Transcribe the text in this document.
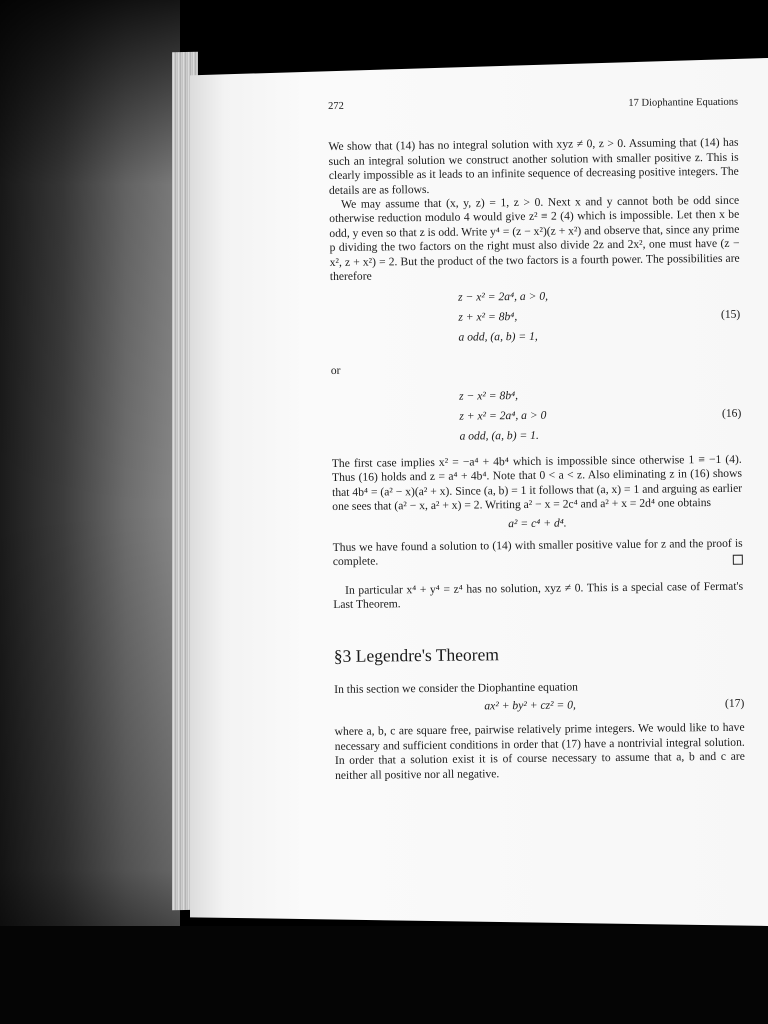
272	17 Diophantine Equations

We show that (14) has no integral solution with xyz ≠ 0, z > 0. Assuming that (14) has such an integral solution we construct another solution with smaller positive z. This is clearly impossible as it leads to an infinite sequence of decreasing positive integers. The details are as follows.

We may assume that (x, y, z) = 1, z > 0. Next x and y cannot both be odd since otherwise reduction modulo 4 would give z² ≡ 2 (4) which is impossible. Let then x be odd, y even so that z is odd. Write y⁴ = (z − x²)(z + x²) and observe that, since any prime p dividing the two factors on the right must also divide 2z and 2x², one must have (z − x², z + x²) = 2. But the product of the two factors is a fourth power. The possibilities are therefore

z − x² = 2a⁴, a > 0,
z + x² = 8b⁴,	(15)
a odd, (a, b) = 1,
or
z − x² = 8b⁴,
z + x² = 2a⁴, a > 0	(16)
a odd, (a, b) = 1.

The first case implies x² = −a⁴ + 4b⁴ which is impossible since otherwise 1 ≡ −1 (4). Thus (16) holds and z = a⁴ + 4b⁴. Note that 0 < a < z. Also eliminating z in (16) shows that 4b⁴ = (a² − x)(a² + x). Since (a, b) = 1 it follows that (a, x) = 1 and arguing as earlier one sees that (a² − x, a² + x) = 2. Writing a² − x = 2c⁴ and a² + x = 2d⁴ one obtains

a² = c⁴ + d⁴.

Thus we have found a solution to (14) with smaller positive value for z and the proof is complete.

In particular x⁴ + y⁴ = z⁴ has no solution, xyz ≠ 0. This is a special case of Fermat's Last Theorem.

§3 Legendre's Theorem

In this section we consider the Diophantine equation

ax² + by² + cz² = 0,	(17)

where a, b, c are square free, pairwise relatively prime integers. We would like to have necessary and sufficient conditions in order that (17) have a nontrivial integral solution. In order that a solution exist it is of course necessary to assume that a, b and c are neither all positive nor all negative.
